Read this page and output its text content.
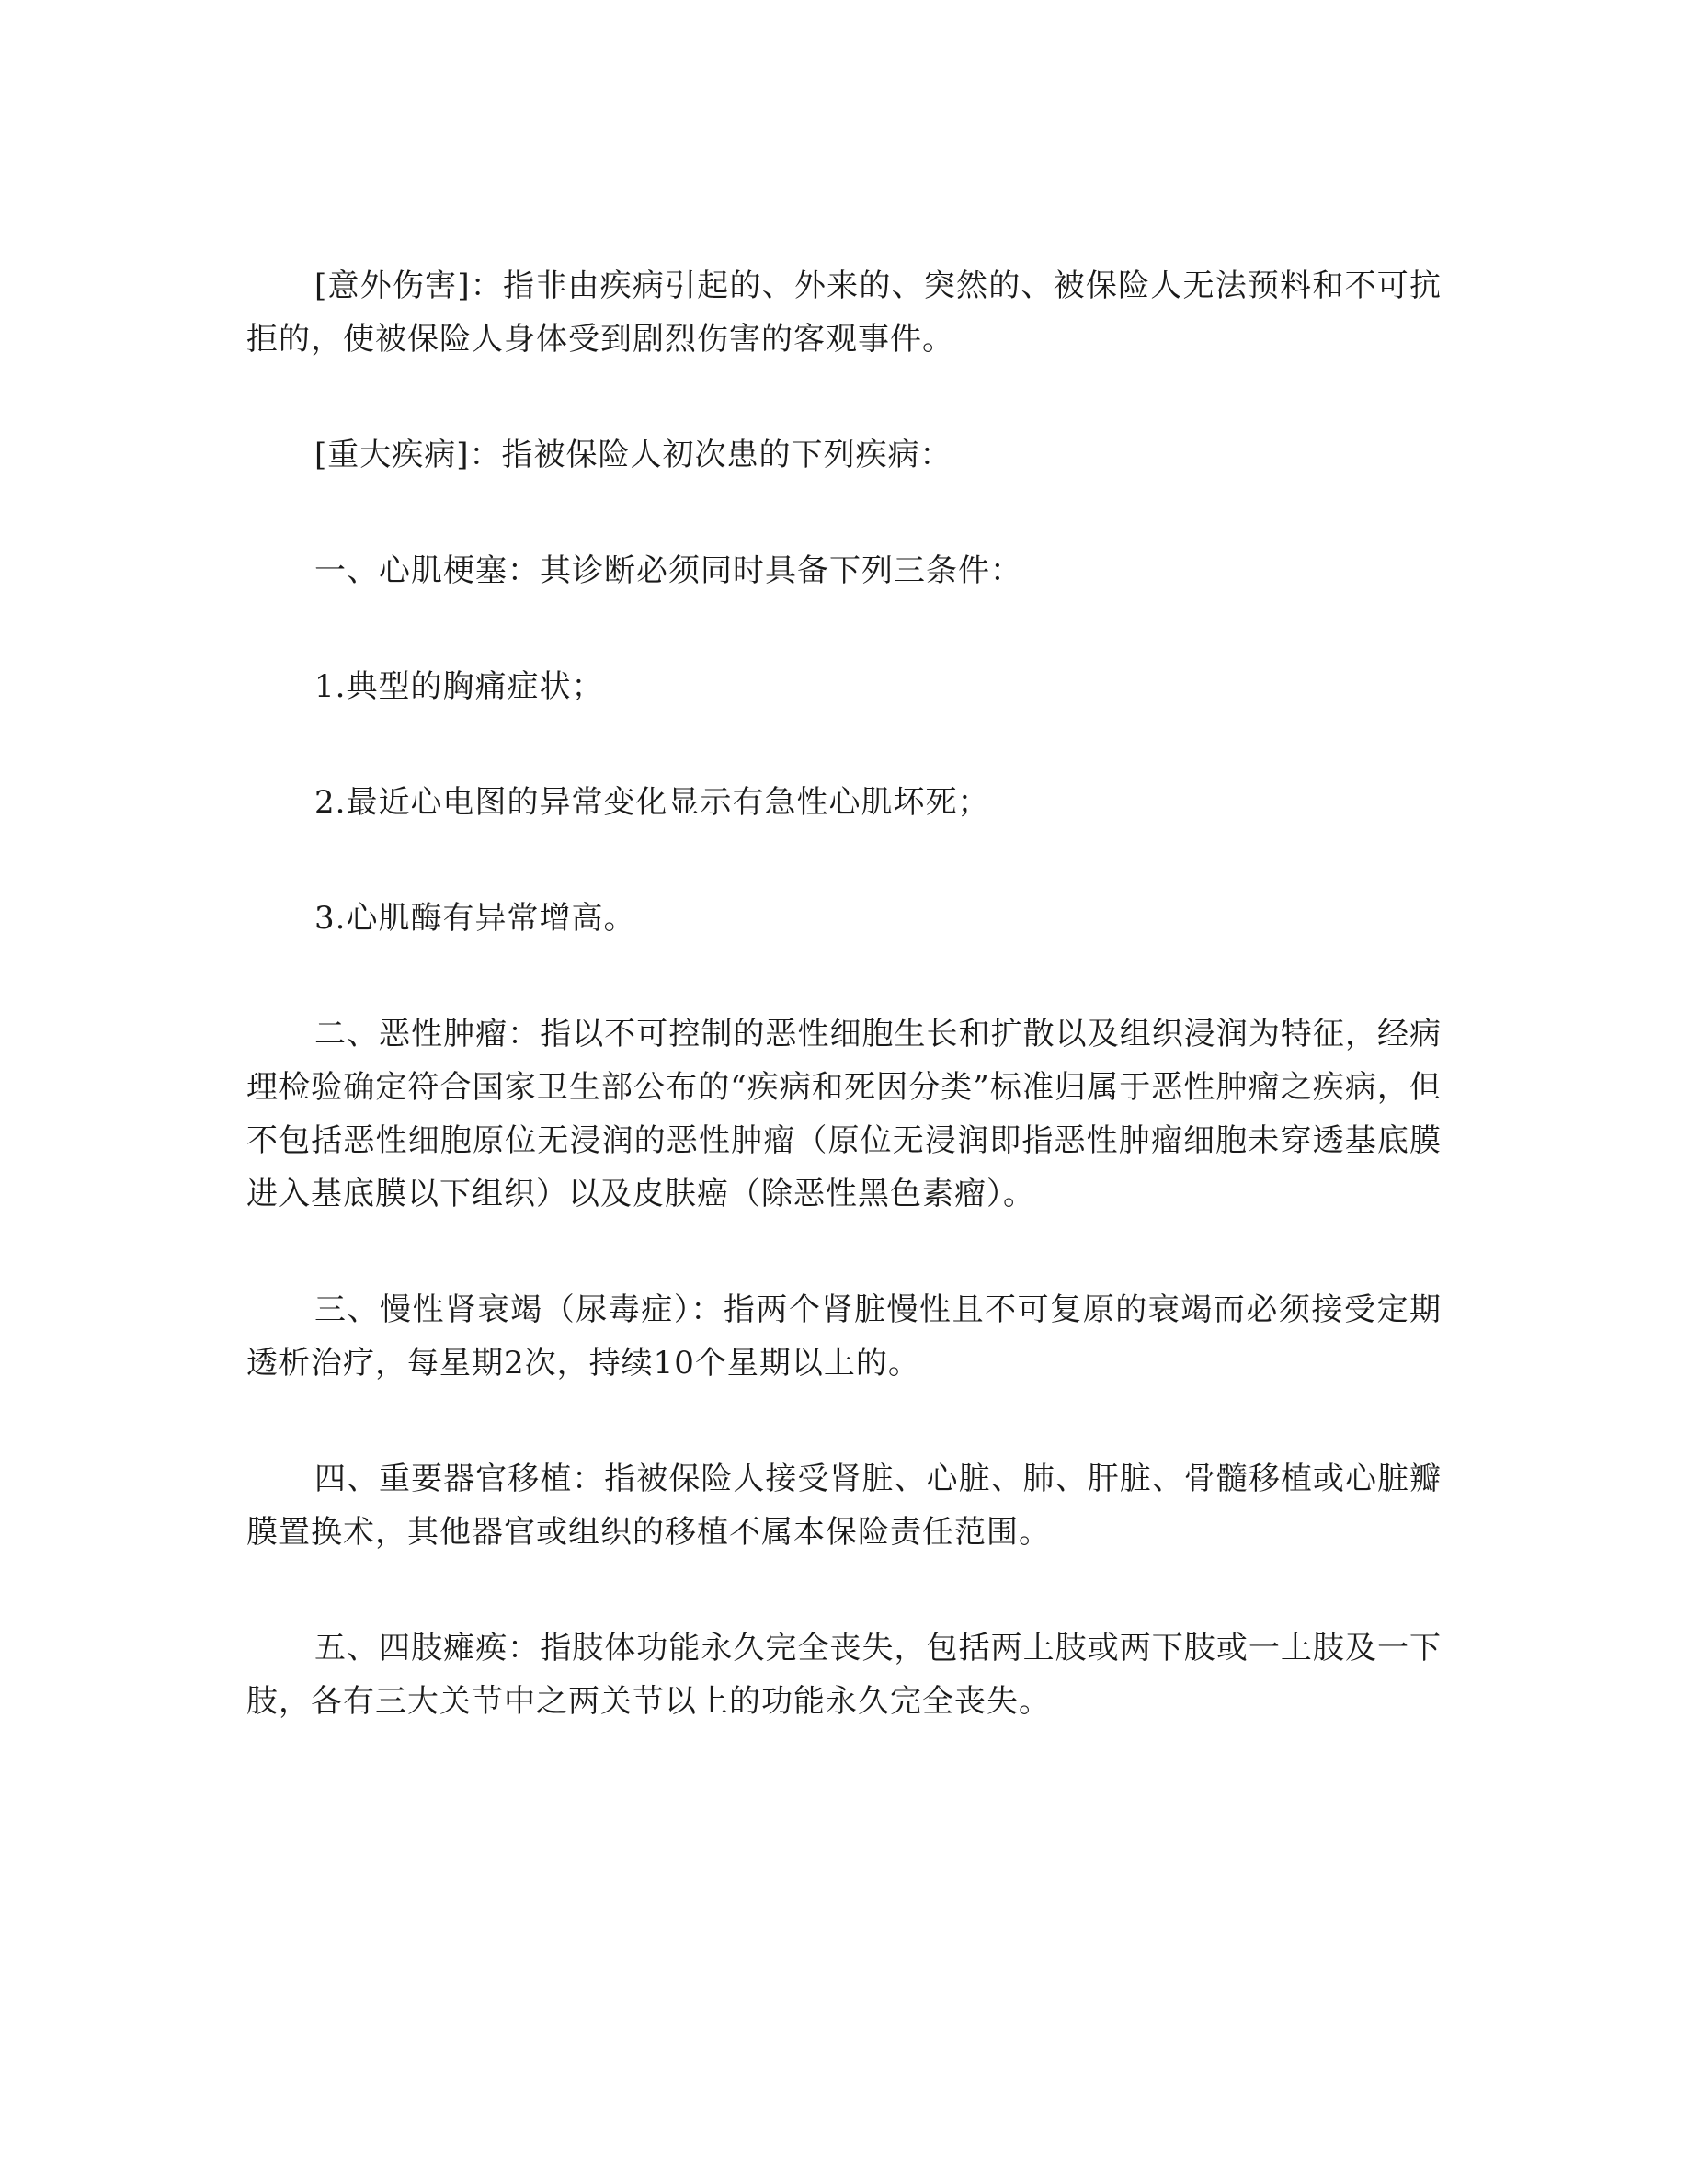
[意外伤害]：指非由疾病引起的、外来的、突然的、被保险人无法预料和不可抗拒的，使被保险人身体受到剧烈伤害的客观事件。

[重大疾病]：指被保险人初次患的下列疾病：

一、心肌梗塞：其诊断必须同时具备下列三条件：

1.典型的胸痛症状；

2.最近心电图的异常变化显示有急性心肌坏死；

3.心肌酶有异常增高。

二、恶性肿瘤：指以不可控制的恶性细胞生长和扩散以及组织浸润为特征，经病理检验确定符合国家卫生部公布的“疾病和死因分类”标准归属于恶性肿瘤之疾病，但不包括恶性细胞原位无浸润的恶性肿瘤（原位无浸润即指恶性肿瘤细胞未穿透基底膜进入基底膜以下组织）以及皮肤癌（除恶性黑色素瘤）。

三、慢性肾衰竭（尿毒症）：指两个肾脏慢性且不可复原的衰竭而必须接受定期透析治疗，每星期2次，持续10个星期以上的。

四、重要器官移植：指被保险人接受肾脏、心脏、肺、肝脏、骨髓移植或心脏瓣膜置换术，其他器官或组织的移植不属本保险责任范围。

五、四肢瘫痪：指肢体功能永久完全丧失，包括两上肢或两下肢或一上肢及一下肢，各有三大关节中之两关节以上的功能永久完全丧失。
